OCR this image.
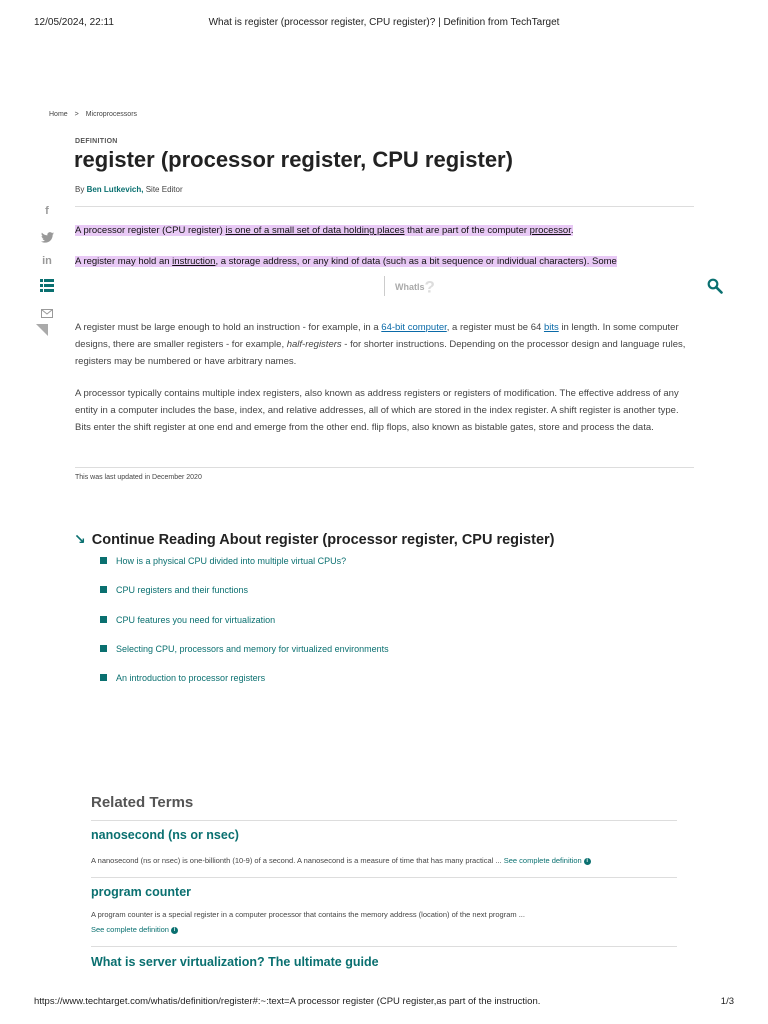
12/05/2024, 22:11	What is register (processor register, CPU register)? | Definition from TechTarget
Home > Microprocessors
DEFINITION
register (processor register, CPU register)
By Ben Lutkevich, Site Editor
f
in

A processor register (CPU register) is one of a small set of data holding places that are part of the computer processor.

A register may hold an instruction, a storage address, or any kind of data (such as a bit sequence or individual characters). Some

WhatIs?

A register must be large enough to hold an instruction - for example, in a 64-bit computer, a register must be 64 bits in length. In some computer designs, there are smaller registers - for example, half-registers - for shorter instructions. Depending on the processor design and language rules, registers may be numbered or have arbitrary names.

A processor typically contains multiple index registers, also known as address registers or registers of modification. The effective address of any entity in a computer includes the base, index, and relative addresses, all of which are stored in the index register. A shift register is another type. Bits enter the shift register at one end and emerge from the other end. flip flops, also known as bistable gates, store and process the data.

This was last updated in December 2020
↘ Continue Reading About register (processor register, CPU register)
How is a physical CPU divided into multiple virtual CPUs?
CPU registers and their functions
CPU features you need for virtualization
Selecting CPU, processors and memory for virtualized environments
An introduction to processor registers
Related Terms
nanosecond (ns or nsec)
A nanosecond (ns or nsec) is one-billionth (10-9) of a second. A nanosecond is a measure of time that has many practical ... See complete definition i
program counter
A program counter is a special register in a computer processor that contains the memory address (location) of the next program ...
See complete definition i
What is server virtualization? The ultimate guide
https://www.techtarget.com/whatis/definition/register#:~:text=A processor register (CPU register,as part of the instruction.	1/3
